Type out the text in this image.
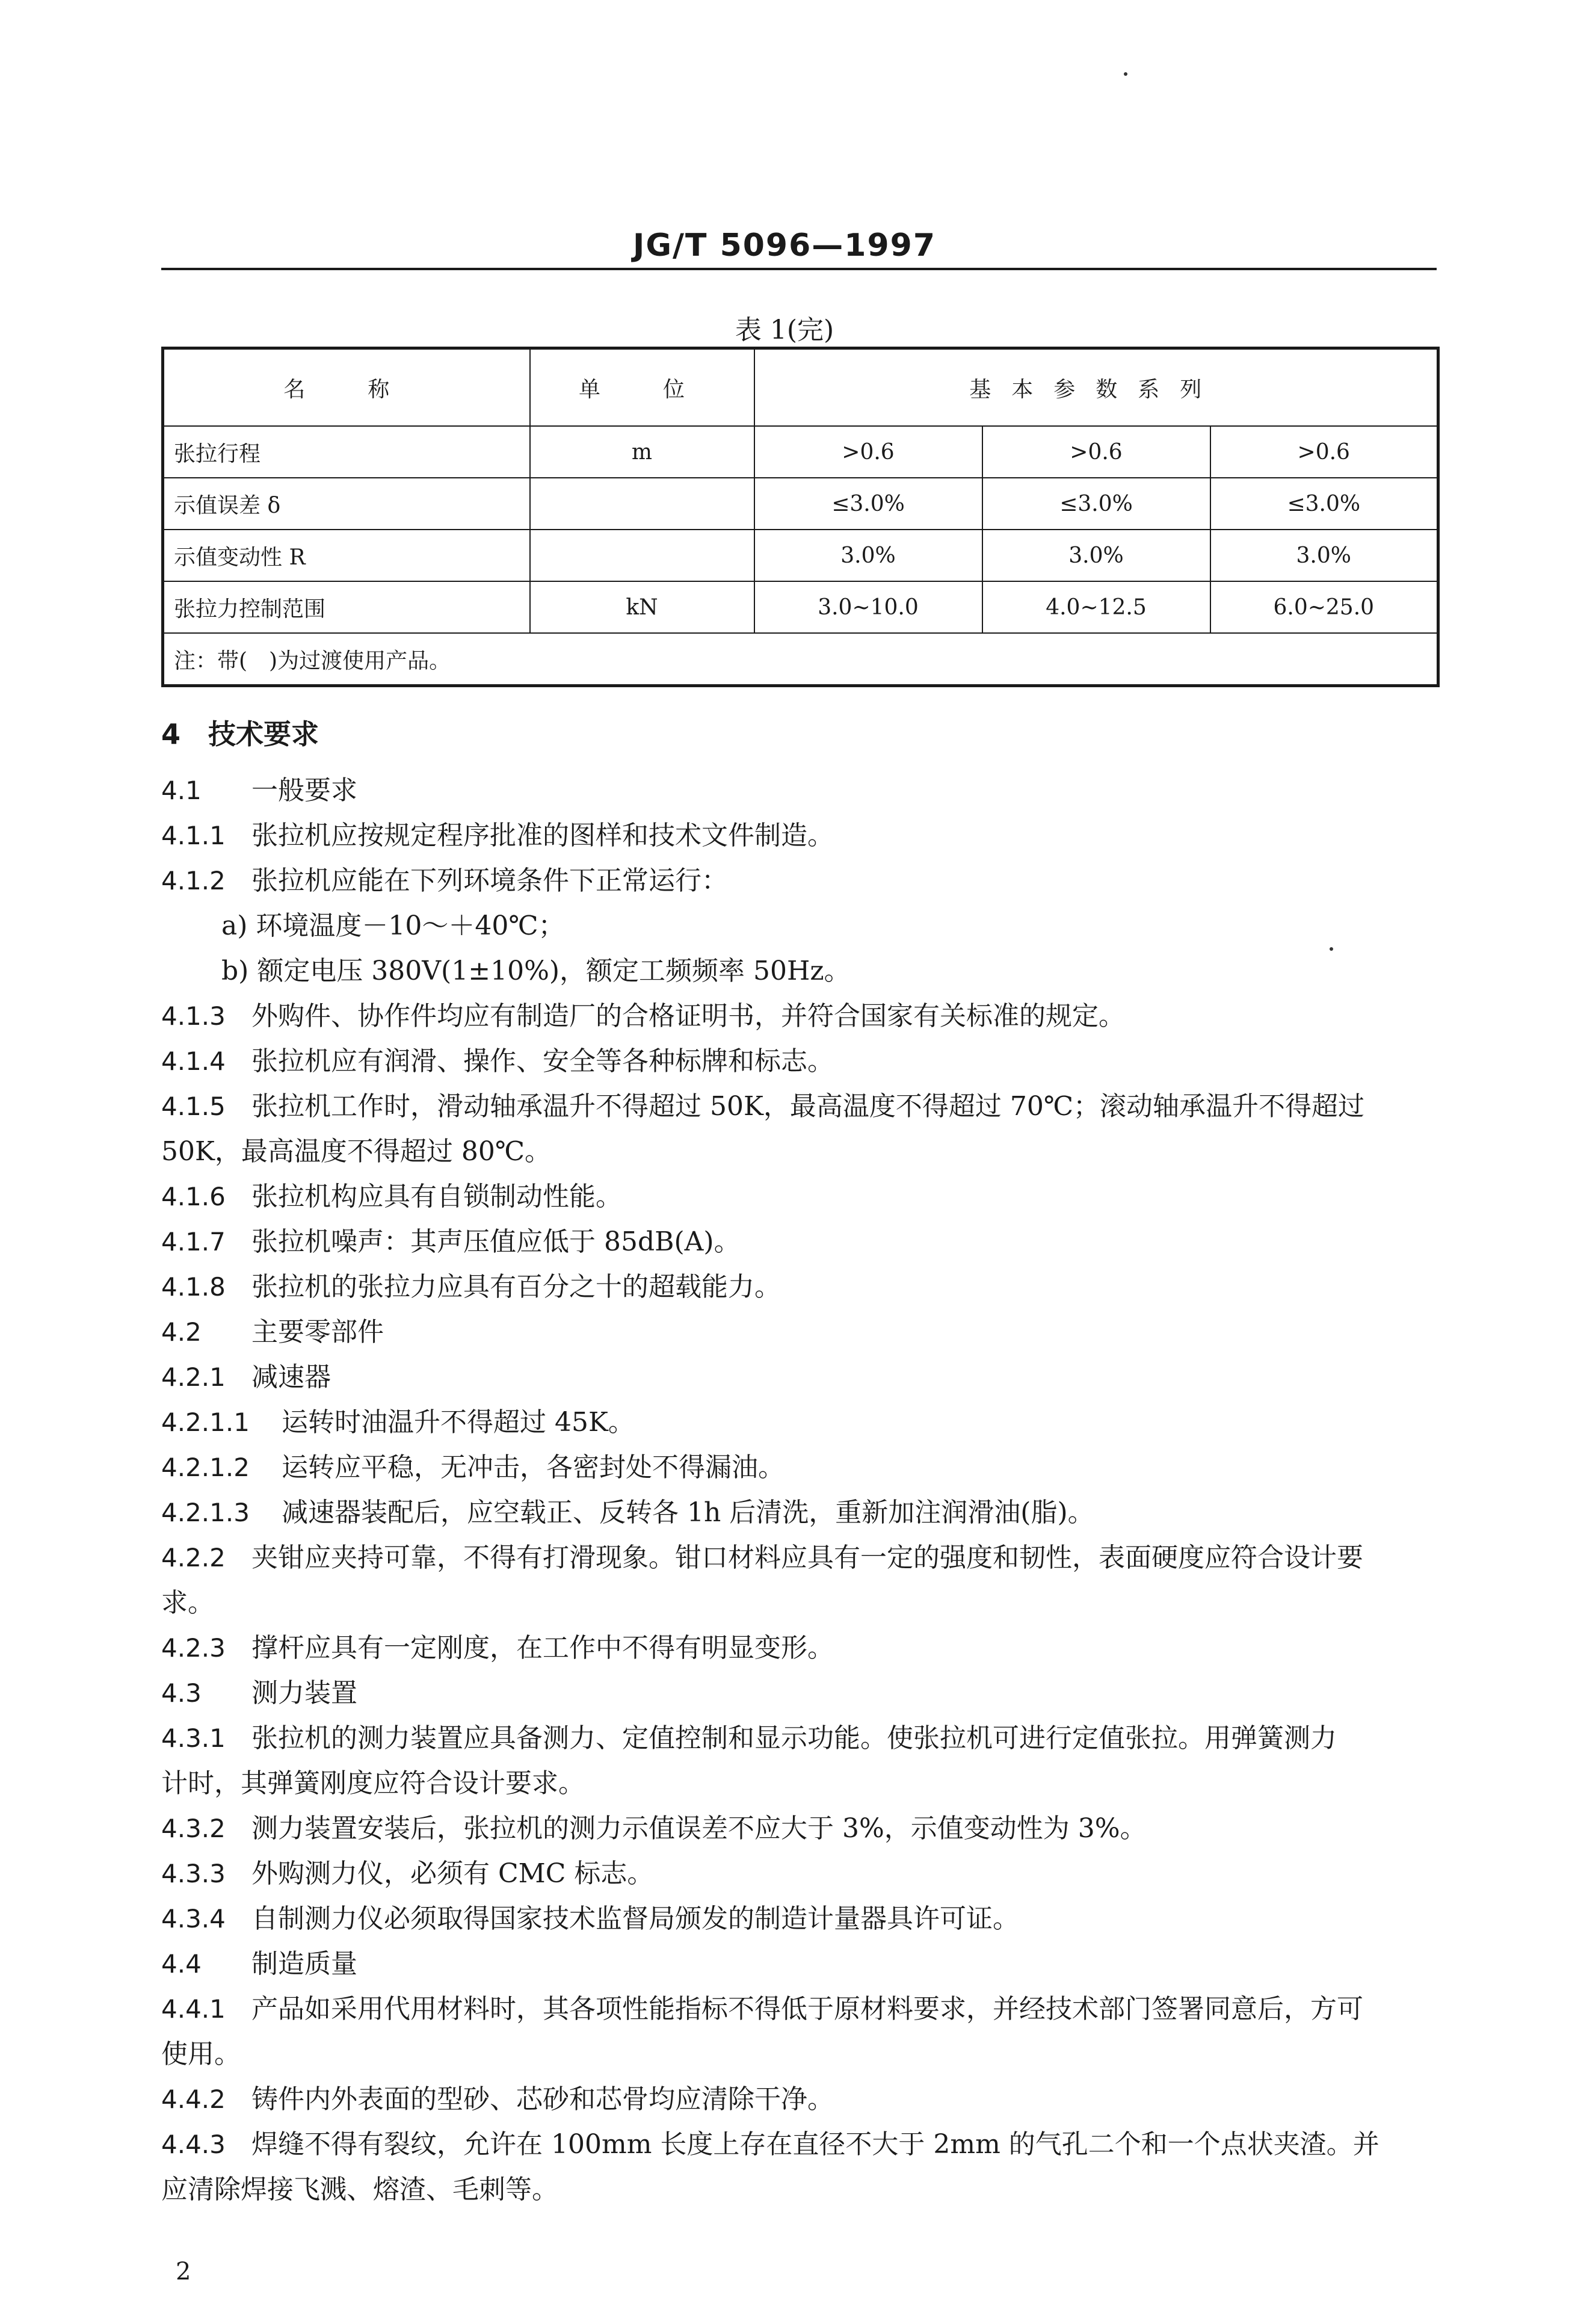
JG/T 5096—1997
表 1(完)
名　称	单　位	基本参数系列		
张拉行程	m	>0.6	>0.6	>0.6
示值误差 δ		≤3.0%	≤3.0%	≤3.0%
示值变动性 R		3.0%	3.0%	3.0%
张拉力控制范围	kN	3.0~10.0	4.0~12.5	6.0~25.0
注：带(　)为过渡使用产品。				
4　 技术要求
4.1 一般要求
4.1.1 张拉机应按规定程序批准的图样和技术文件制造。
4.1.2 张拉机应能在下列环境条件下正常运行：
a) 环境温度－10～＋40℃；
b) 额定电压 380V(1±10%)，额定工频频率 50Hz。
4.1.3 外购件、协作件均应有制造厂的合格证明书，并符合国家有关标准的规定。
4.1.4 张拉机应有润滑、操作、安全等各种标牌和标志。
4.1.5 张拉机工作时，滑动轴承温升不得超过 50K，最高温度不得超过 70℃；滚动轴承温升不得超过
50K，最高温度不得超过 80℃。
4.1.6 张拉机构应具有自锁制动性能。
4.1.7 张拉机噪声：其声压值应低于 85dB(A)。
4.1.8 张拉机的张拉力应具有百分之十的超载能力。
4.2 主要零部件
4.2.1 减速器
4.2.1.1 运转时油温升不得超过 45K。
4.2.1.2 运转应平稳，无冲击，各密封处不得漏油。
4.2.1.3 减速器装配后，应空载正、反转各 1h 后清洗，重新加注润滑油(脂)。
4.2.2 夹钳应夹持可靠，不得有打滑现象。钳口材料应具有一定的强度和韧性，表面硬度应符合设计要
求。
4.2.3 撑杆应具有一定刚度，在工作中不得有明显变形。
4.3 测力装置
4.3.1 张拉机的测力装置应具备测力、定值控制和显示功能。使张拉机可进行定值张拉。用弹簧测力
计时，其弹簧刚度应符合设计要求。
4.3.2 测力装置安装后，张拉机的测力示值误差不应大于 3%，示值变动性为 3%。
4.3.3 外购测力仪，必须有 CMC 标志。
4.3.4 自制测力仪必须取得国家技术监督局颁发的制造计量器具许可证。
4.4 制造质量
4.4.1 产品如采用代用材料时，其各项性能指标不得低于原材料要求，并经技术部门签署同意后，方可
使用。
4.4.2 铸件内外表面的型砂、芯砂和芯骨均应清除干净。
4.4.3 焊缝不得有裂纹，允许在 100mm 长度上存在直径不大于 2mm 的气孔二个和一个点状夹渣。并
应清除焊接飞溅、熔渣、毛刺等。
2
